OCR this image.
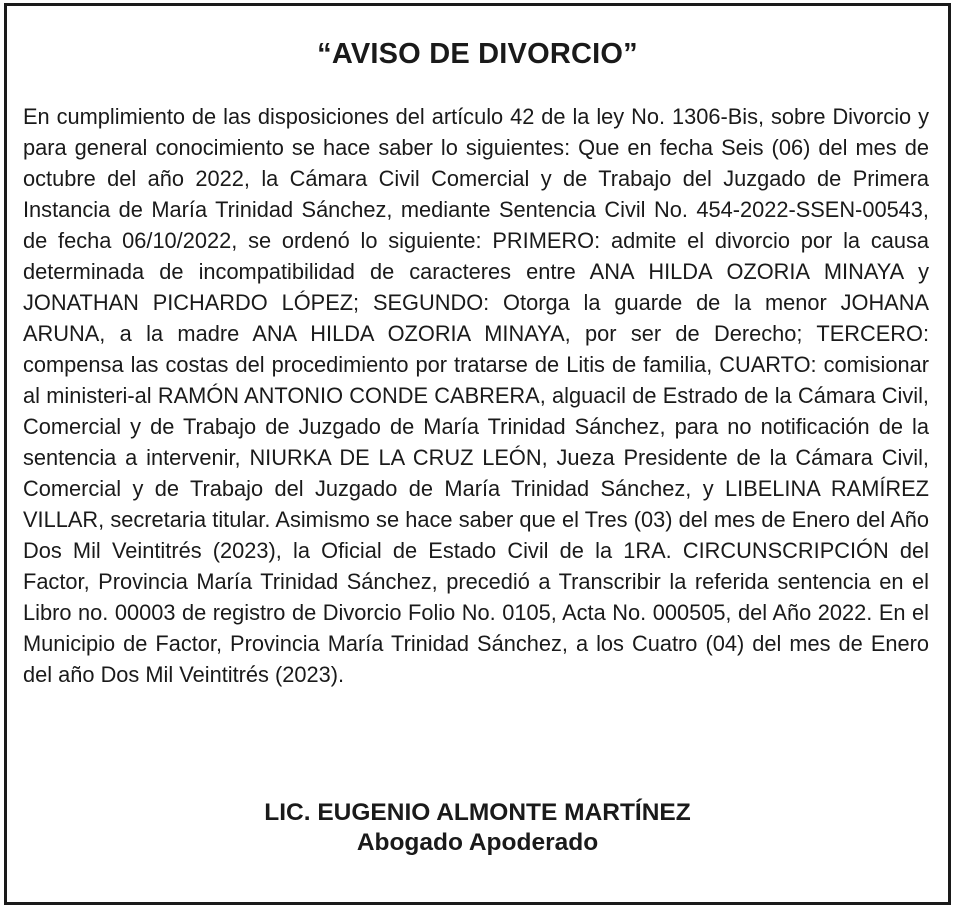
“AVISO DE DIVORCIO”

En cumplimiento de las disposiciones del artículo 42 de la ley No. 1306-Bis, sobre Divorcio y para general conocimiento se hace saber lo siguientes: Que en fecha Seis (06) del mes de octubre del año 2022, la Cámara Civil Comercial y de Trabajo del Juzgado de Primera Instancia de María Trinidad Sánchez, mediante Sentencia Civil No. 454-2022-SSEN-00543, de fecha 06/10/2022, se ordenó lo siguiente: PRIMERO: admite el divorcio por la causa determinada de incompatibilidad de caracteres entre ANA HILDA OZORIA MINAYA y JONATHAN PICHARDO LÓPEZ; SEGUNDO: Otorga la guarde de la menor JOHANA ARUNA, a la madre ANA HILDA OZORIA MINAYA, por ser de Derecho; TERCERO: compensa las costas del procedimiento por tratarse de Litis de familia, CUARTO: comisionar al ministeri-al RAMÓN ANTONIO CONDE CABRERA, alguacil de Estrado de la Cámara Civil, Comercial y de Trabajo de Juzgado de María Trinidad Sánchez, para no notificación de la sentencia a intervenir, NIURKA DE LA CRUZ LEÓN, Jueza Presidente de la Cámara Civil, Comercial y de Trabajo del Juzgado de María Trinidad Sánchez, y LIBELINA RAMÍREZ VILLAR, secretaria titular. Asimismo se hace saber que el Tres (03) del mes de Enero del Año Dos Mil Veintitrés (2023), la Oficial de Estado Civil de la 1RA. CIRCUNSCRIPCIÓN del Factor, Provincia María Trinidad Sánchez, precedió a Transcribir la referida sentencia en el Libro no. 00003 de registro de Divorcio Folio No. 0105, Acta No. 000505, del Año 2022. En el Municipio de Factor, Provincia María Trinidad Sánchez, a los Cuatro (04) del mes de Enero del año Dos Mil Veintitrés (2023).

LIC. EUGENIO ALMONTE MARTÍNEZ
Abogado Apoderado
